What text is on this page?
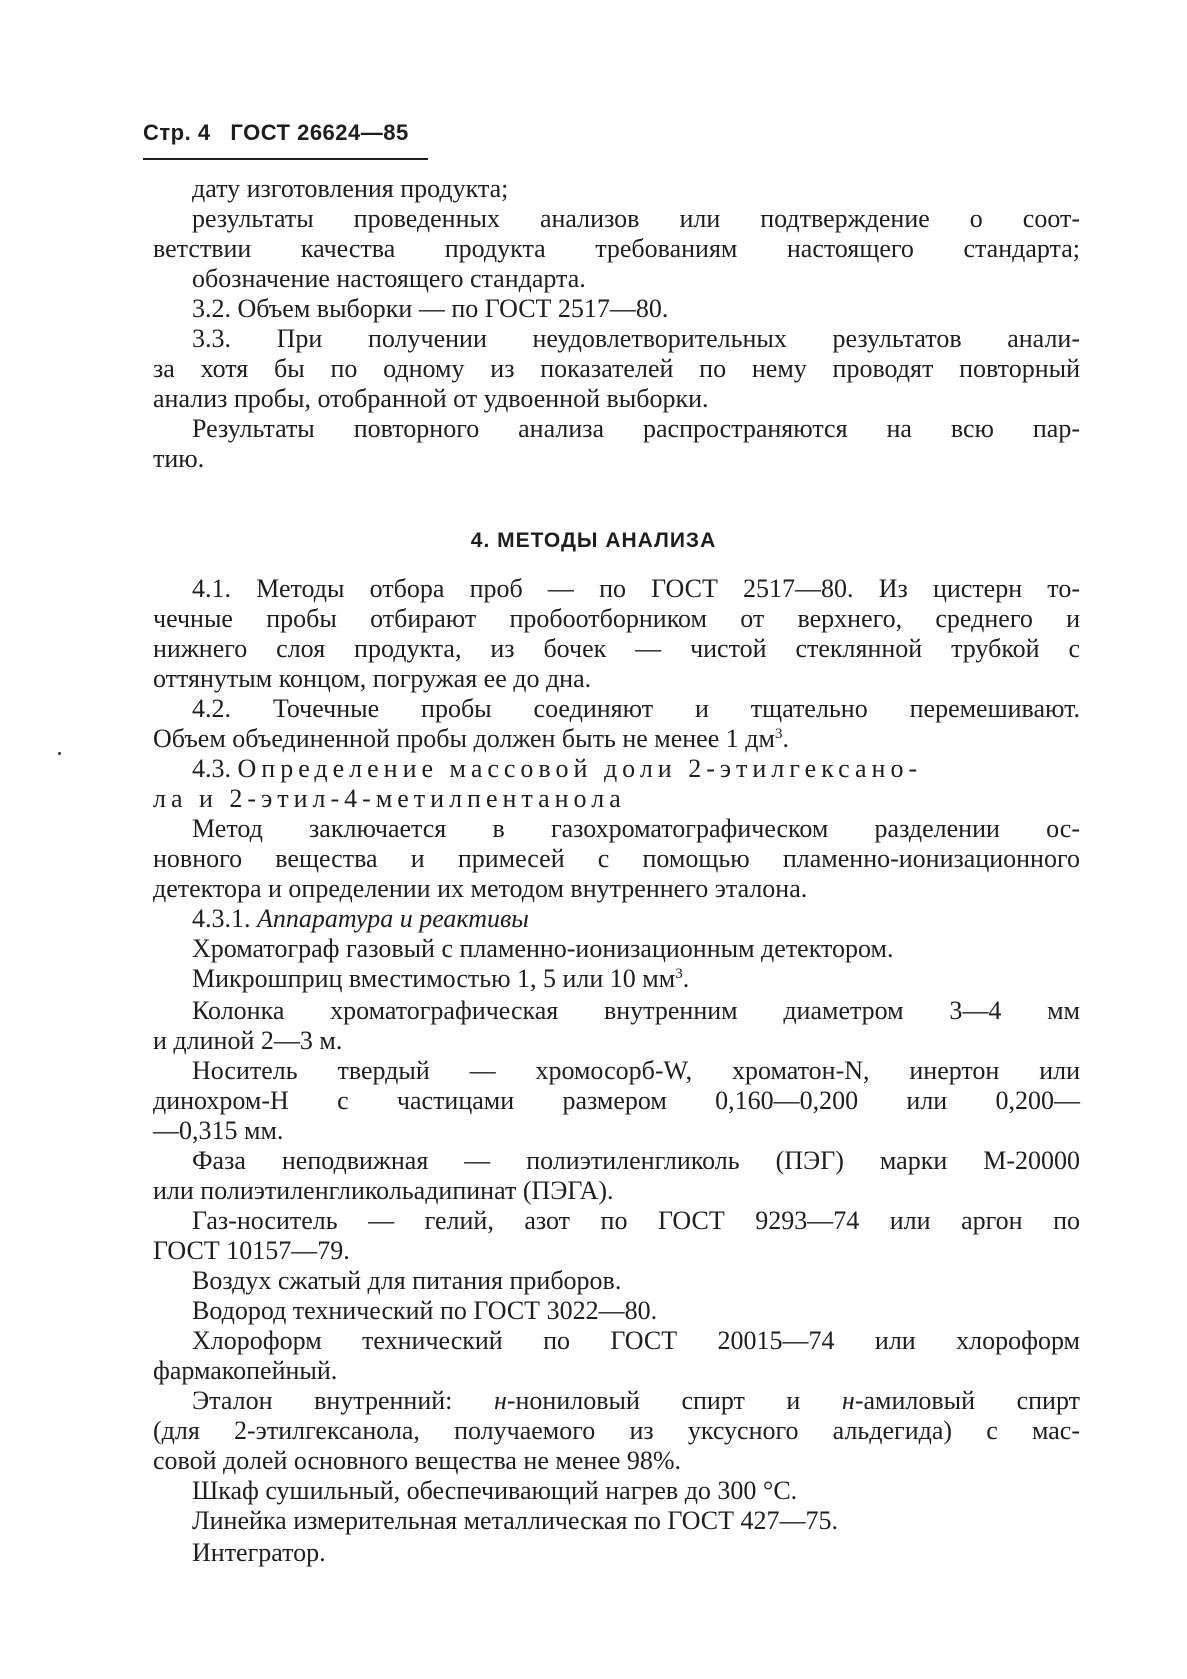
Стр. 4 ГОСТ 26624—85
дату изготовления продукта;
результаты проведенных анализов или подтверждение о соот-
ветствии качества продукта требованиям настоящего стандарта;
обозначение настоящего стандарта.
3.2. Объем выборки — по ГОСТ 2517—80.
3.3. При получении неудовлетворительных результатов анали-
за хотя бы по одному из показателей по нему проводят повторный
анализ пробы, отобранной от удвоенной выборки.
Результаты повторного анализа распространяются на всю пар-
тию.
4. МЕТОДЫ АНАЛИЗА
4.1. Методы отбора проб — по ГОСТ 2517—80. Из цистерн то-
чечные пробы отбирают пробоотборником от верхнего, среднего и
нижнего слоя продукта, из бочек — чистой стеклянной трубкой с
оттянутым концом, погружая ее до дна.
4.2. Точечные пробы соединяют и тщательно перемешивают.
Объем объединенной пробы должен быть не менее 1 $дм^3$.
4.3. Определение массовой доли 2-этилгексано-
ла и 2-этил-4-метилпентанола
Метод заключается в газохроматографическом разделении ос-
новного вещества и примесей с помощью пламенно-ионизационного
детектора и определении их методом внутреннего эталона.
4.3.1. Аппаратура и реактивы
Хроматограф газовый с пламенно-ионизационным детектором.
Микрошприц вместимостью 1, 5 или 10 $мм^3$.
Колонка хроматографическая внутренним диаметром 3—4 мм
и длиной 2—3 м.
Носитель твердый — хромосорб-W, хроматон-N, инертон или
динохром-Н с частицами размером 0,160—0,200 или 0,200—
—0,315 мм.
Фаза неподвижная — полиэтиленгликоль (ПЭГ) марки М-20000
или полиэтиленгликольадипинат (ПЭГА).
Газ-носитель — гелий, азот по ГОСТ 9293—74 или аргон по
ГОСТ 10157—79.
Воздух сжатый для питания приборов.
Водород технический по ГОСТ 3022—80.
Хлороформ технический по ГОСТ 20015—74 или хлороформ
фармакопейный.
Эталон внутренний: н-нониловый спирт и н-амиловый спирт
(для 2-этилгексанола, получаемого из уксусного альдегида) с мас-
совой долей основного вещества не менее 98%.
Шкаф сушильный, обеспечивающий нагрев до 300 °С.
Линейка измерительная металлическая по ГОСТ 427—75.
Интегратор.
